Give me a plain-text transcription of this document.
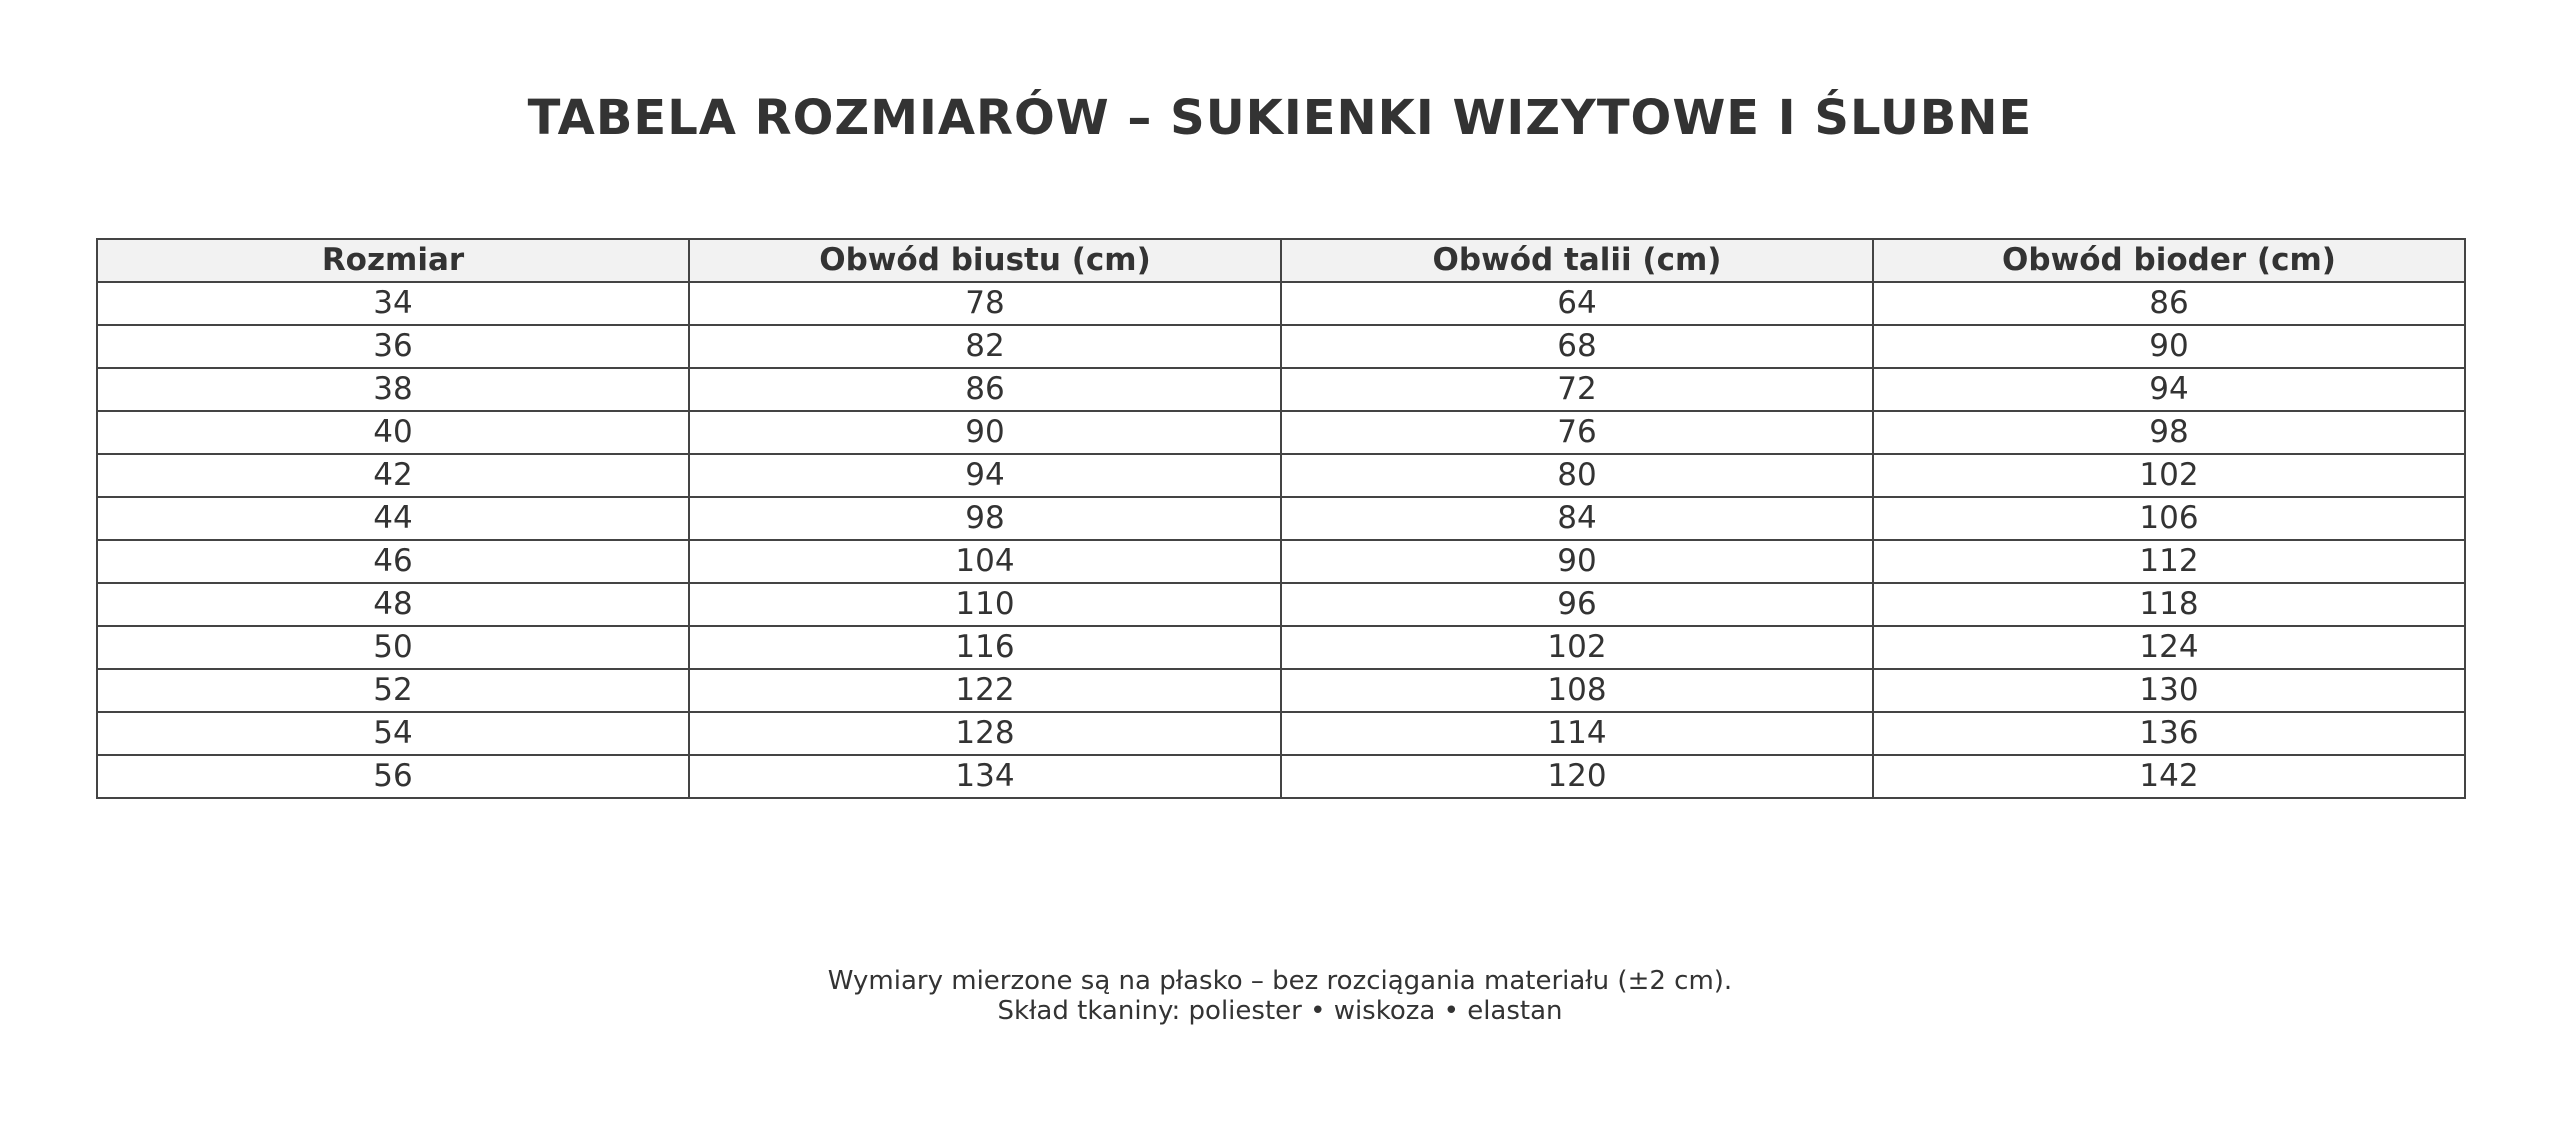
TABELA ROZMIARÓW – SUKIENKI WIZYTOWE I ŚLUBNE
Rozmiar	Obwód biustu (cm)	Obwód talii (cm)	Obwód bioder (cm)
34	78	64	86
36	82	68	90
38	86	72	94
40	90	76	98
42	94	80	102
44	98	84	106
46	104	90	112
48	110	96	118
50	116	102	124
52	122	108	130
54	128	114	136
56	134	120	142
Wymiary mierzone są na płasko – bez rozciągania materiału (±2 cm).
Skład tkaniny: poliester • wiskoza • elastan
